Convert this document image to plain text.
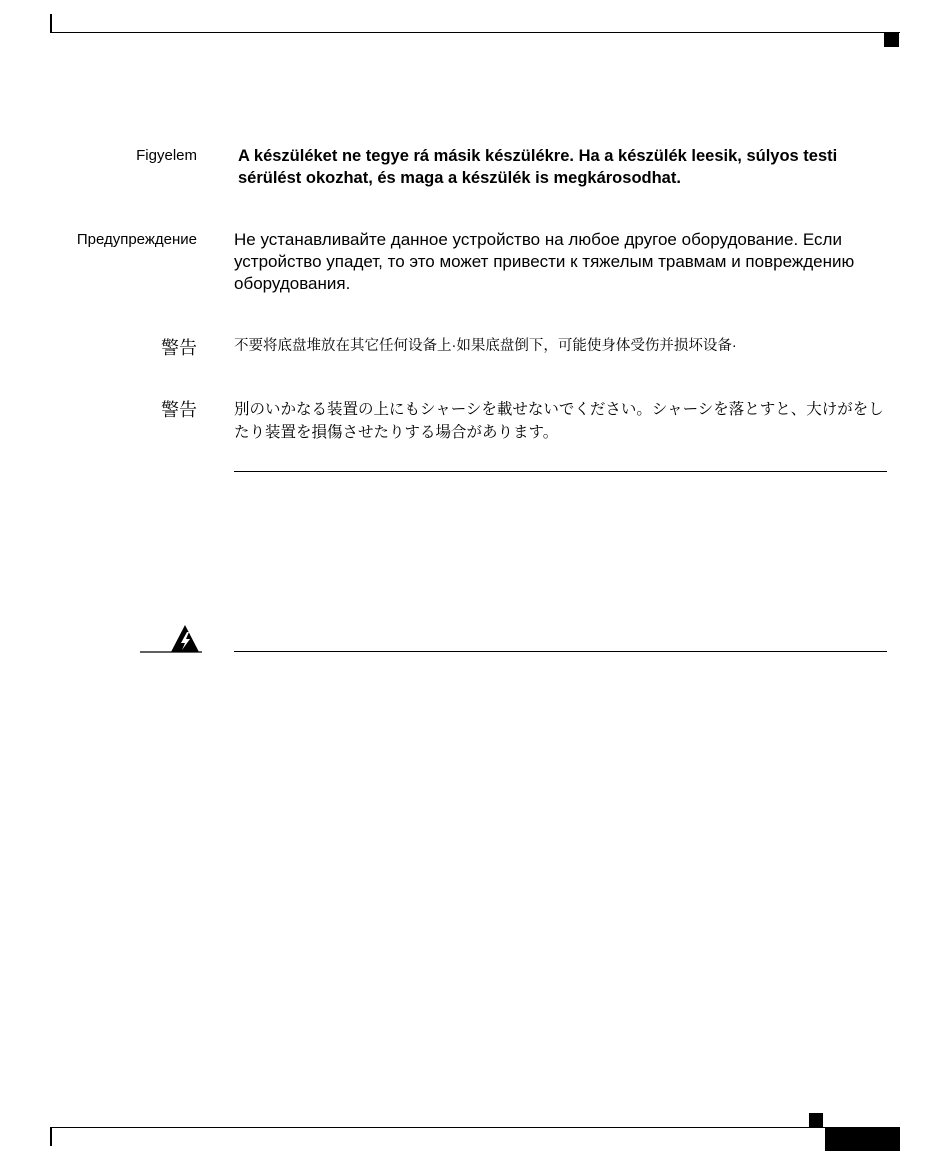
Figyelem A készüléket ne tegye rá másik készülékre. Ha a készülék leesik, súlyos testi sérülést okozhat, és maga a készülék is megkárosodhat.
Предупреждение Не устанавливайте данное устройство на любое другое оборудование. Если устройство упадет, то это может привести к тяжелым травмам и повреждению оборудования.
警告	不要将底盘堆放在其它任何设备上·如果底盘倒下，可能使身体受伤并损坏设备·
警告 別のいかなる装置の上にもシャーシを載せないでください。シャーシを落とすと、大けがをしたり装置を損傷させたりする場合があります。
